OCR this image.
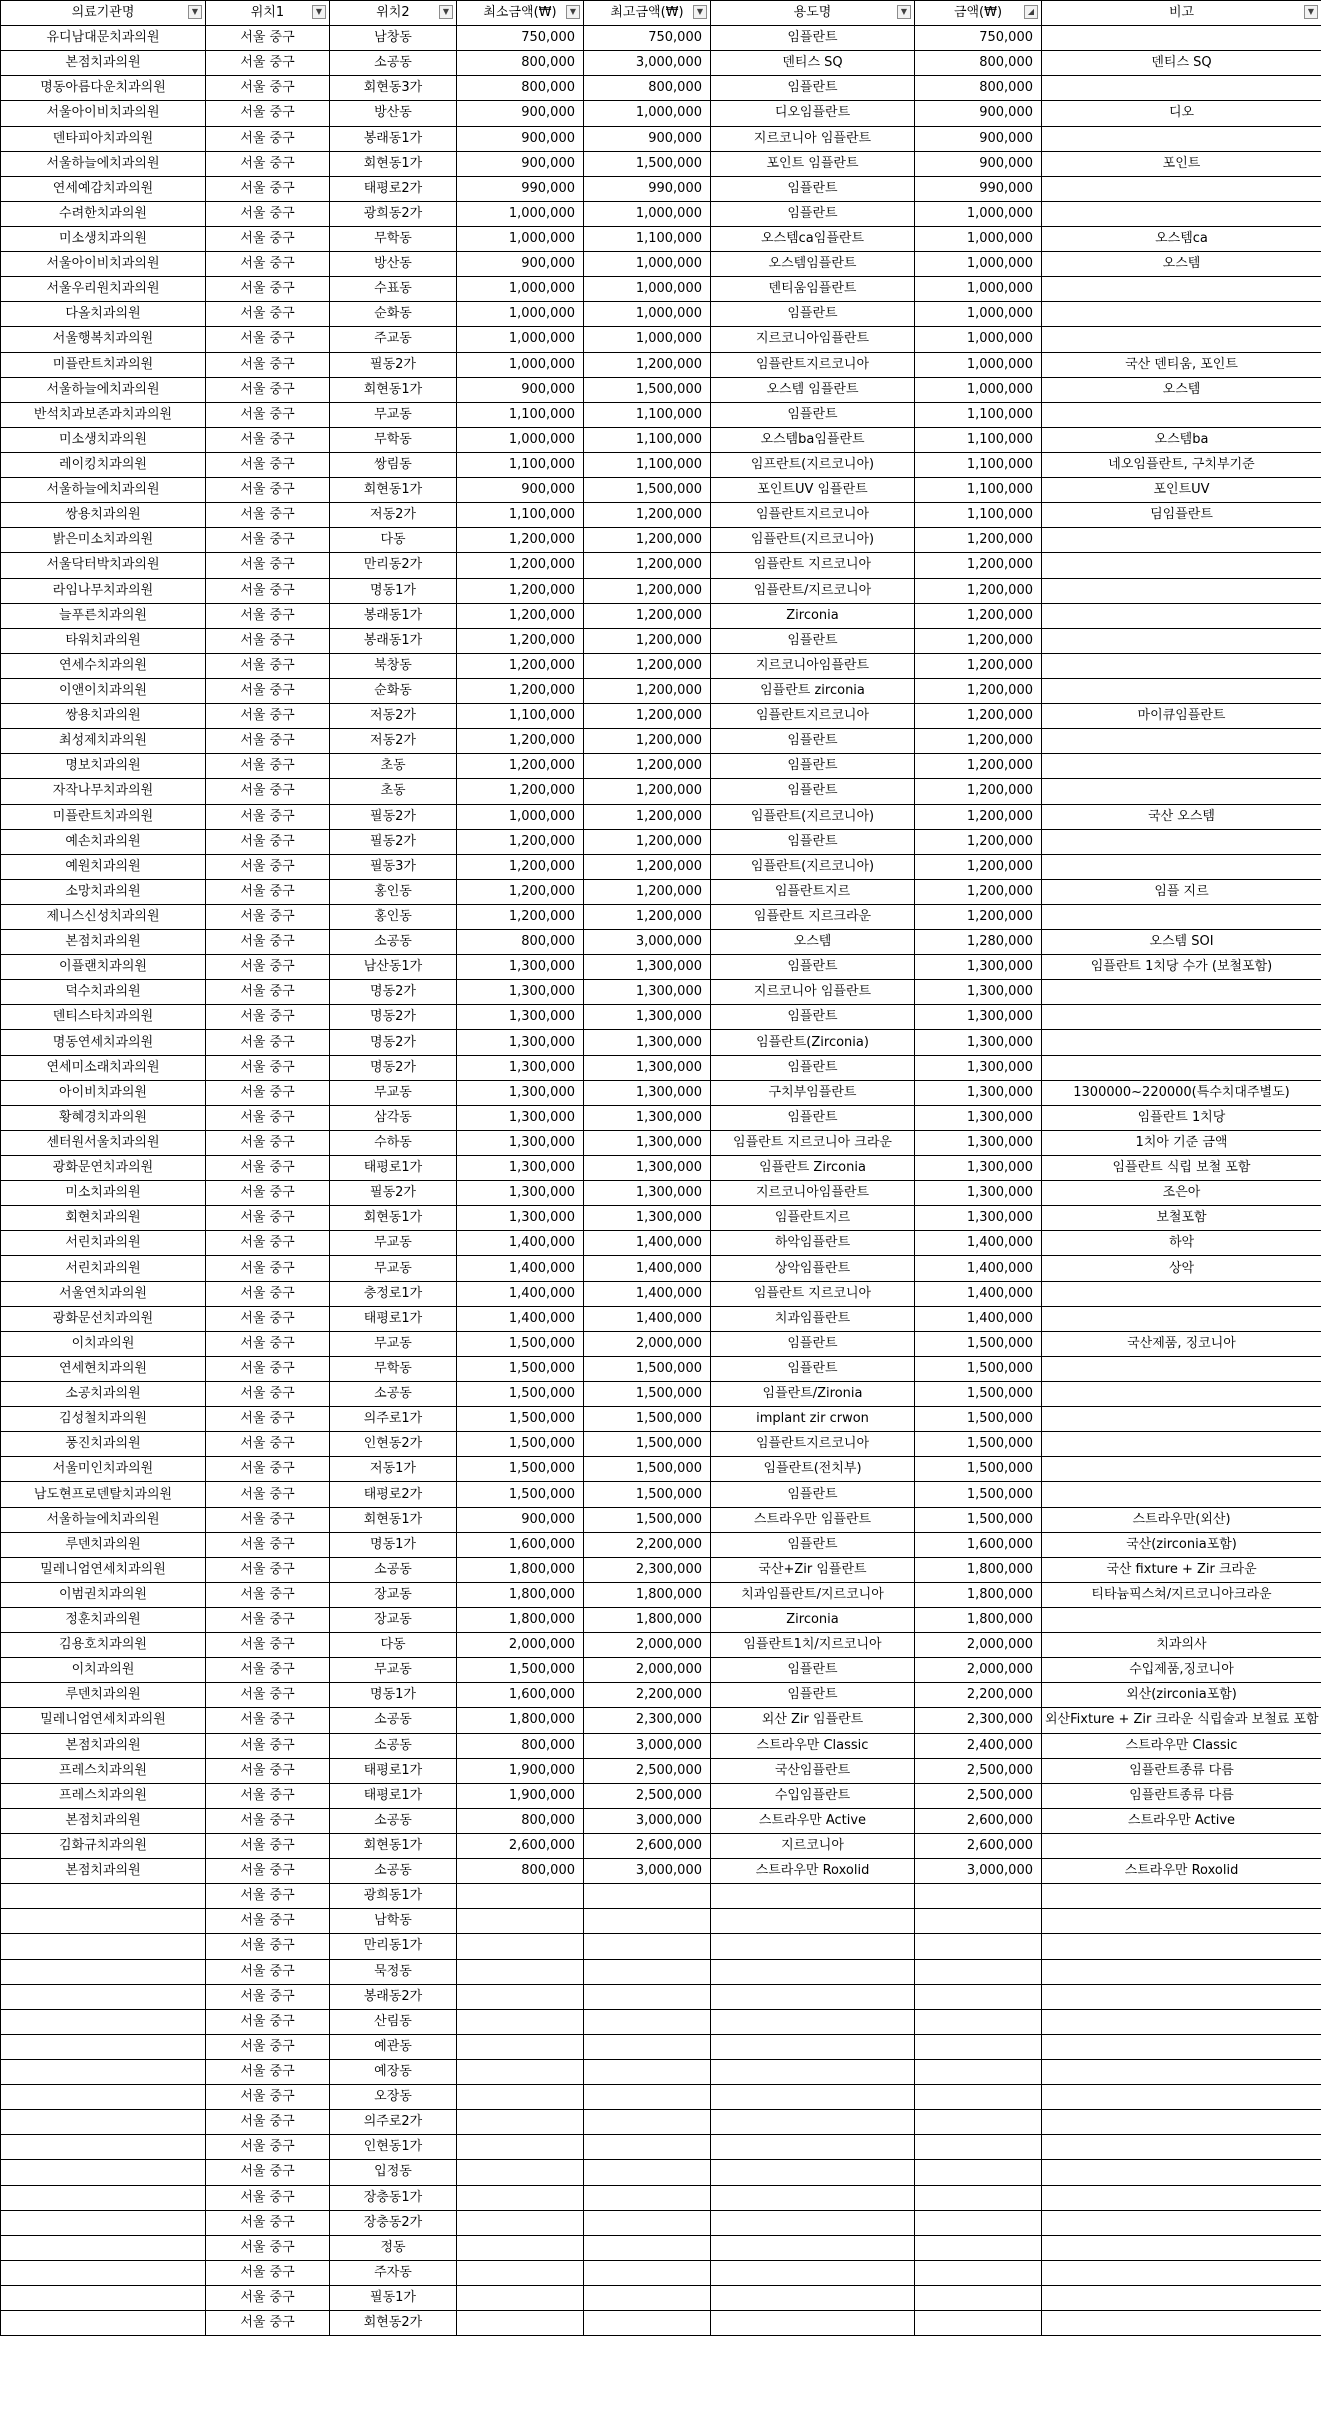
의료기관명 ▼	위치1 ▼	위치2 ▼	최소금액(₩) ▼	최고금액(₩) ▼	용도명 ▼	금액(₩) ◢	비고 ▼

유디남대문치과의원	서울 중구	남창동	750,000	750,000	임플란트	750,000	
본점치과의원	서울 중구	소공동	800,000	3,000,000	덴티스 SQ	800,000	덴티스 SQ
명동아름다운치과의원	서울 중구	회현동3가	800,000	800,000	임플란트	800,000	
서울아이비치과의원	서울 중구	방산동	900,000	1,000,000	디오임플란트	900,000	디오
덴타피아치과의원	서울 중구	봉래동1가	900,000	900,000	지르코니아 임플란트	900,000	
서울하늘에치과의원	서울 중구	회현동1가	900,000	1,500,000	포인트 임플란트	900,000	포인트
연세예감치과의원	서울 중구	태평로2가	990,000	990,000	임플란트	990,000	
수려한치과의원	서울 중구	광희동2가	1,000,000	1,000,000	임플란트	1,000,000	
미소생치과의원	서울 중구	무학동	1,000,000	1,100,000	오스템ca임플란트	1,000,000	오스템ca
서울아이비치과의원	서울 중구	방산동	900,000	1,000,000	오스템임플란트	1,000,000	오스템
서울우리원치과의원	서울 중구	수표동	1,000,000	1,000,000	덴티움임플란트	1,000,000	
다올치과의원	서울 중구	순화동	1,000,000	1,000,000	임플란트	1,000,000	
서울행복치과의원	서울 중구	주교동	1,000,000	1,000,000	지르코니아임플란트	1,000,000	
미플란트치과의원	서울 중구	필동2가	1,000,000	1,200,000	임플란트지르코니아	1,000,000	국산 덴티움, 포인트
서울하늘에치과의원	서울 중구	회현동1가	900,000	1,500,000	오스템 임플란트	1,000,000	오스템
반석치과보존과치과의원	서울 중구	무교동	1,100,000	1,100,000	임플란트	1,100,000	
미소생치과의원	서울 중구	무학동	1,000,000	1,100,000	오스템ba임플란트	1,100,000	오스템ba
레이킹치과의원	서울 중구	쌍림동	1,100,000	1,100,000	임프란트(지르코니아)	1,100,000	네오임플란트, 구치부기준
서울하늘에치과의원	서울 중구	회현동1가	900,000	1,500,000	포인트UV 임플란트	1,100,000	포인트UV
쌍용치과의원	서울 중구	저동2가	1,100,000	1,200,000	임플란트지르코니아	1,100,000	딤임플란트
밝은미소치과의원	서울 중구	다동	1,200,000	1,200,000	임플란트(지르코니아)	1,200,000	
서울닥터박치과의원	서울 중구	만리동2가	1,200,000	1,200,000	임플란트 지르코니아	1,200,000	
라임나무치과의원	서울 중구	명동1가	1,200,000	1,200,000	임플란트/지르코니아	1,200,000	
늘푸른치과의원	서울 중구	봉래동1가	1,200,000	1,200,000	Zirconia	1,200,000	
타워치과의원	서울 중구	봉래동1가	1,200,000	1,200,000	임플란트	1,200,000	
연세수치과의원	서울 중구	북창동	1,200,000	1,200,000	지르코니아임플란트	1,200,000	
이앤이치과의원	서울 중구	순화동	1,200,000	1,200,000	임플란트 zirconia	1,200,000	
쌍용치과의원	서울 중구	저동2가	1,100,000	1,200,000	임플란트지르코니아	1,200,000	마이큐임플란트
최성제치과의원	서울 중구	저동2가	1,200,000	1,200,000	임플란트	1,200,000	
명보치과의원	서울 중구	초동	1,200,000	1,200,000	임플란트	1,200,000	
자작나무치과의원	서울 중구	초동	1,200,000	1,200,000	임플란트	1,200,000	
미플란트치과의원	서울 중구	필동2가	1,000,000	1,200,000	임플란트(지르코니아)	1,200,000	국산 오스템
예손치과의원	서울 중구	필동2가	1,200,000	1,200,000	임플란트	1,200,000	
예원치과의원	서울 중구	필동3가	1,200,000	1,200,000	임플란트(지르코니아)	1,200,000	
소망치과의원	서울 중구	홍인동	1,200,000	1,200,000	임플란트지르	1,200,000	임플 지르
제니스신성치과의원	서울 중구	홍인동	1,200,000	1,200,000	임플란트 지르크라운	1,200,000	
본점치과의원	서울 중구	소공동	800,000	3,000,000	오스템	1,280,000	오스템 SOI
이플랜치과의원	서울 중구	남산동1가	1,300,000	1,300,000	임플란트	1,300,000	임플란트 1치당 수가 (보철포함)
덕수치과의원	서울 중구	명동2가	1,300,000	1,300,000	지르코니아 임플란트	1,300,000	
덴티스타치과의원	서울 중구	명동2가	1,300,000	1,300,000	임플란트	1,300,000	
명동연세치과의원	서울 중구	명동2가	1,300,000	1,300,000	임플란트(Zirconia)	1,300,000	
연세미소래치과의원	서울 중구	명동2가	1,300,000	1,300,000	임플란트	1,300,000	
아이비치과의원	서울 중구	무교동	1,300,000	1,300,000	구치부임플란트	1,300,000	1300000~220000(특수치대주별도)
황혜경치과의원	서울 중구	삼각동	1,300,000	1,300,000	임플란트	1,300,000	임플란트 1치당
센터원서울치과의원	서울 중구	수하동	1,300,000	1,300,000	임플란트 지르코니아 크라운	1,300,000	1치아 기준 금액
광화문연치과의원	서울 중구	태평로1가	1,300,000	1,300,000	임플란트 Zirconia	1,300,000	임플란트 식립 보철 포함
미소치과의원	서울 중구	필동2가	1,300,000	1,300,000	지르코니아임플란트	1,300,000	조은아
회현치과의원	서울 중구	회현동1가	1,300,000	1,300,000	임플란트지르	1,300,000	보철포함
서린치과의원	서울 중구	무교동	1,400,000	1,400,000	하악임플란트	1,400,000	하악
서린치과의원	서울 중구	무교동	1,400,000	1,400,000	상악임플란트	1,400,000	상악
서울연치과의원	서울 중구	충정로1가	1,400,000	1,400,000	임플란트 지르코니아	1,400,000	
광화문선치과의원	서울 중구	태평로1가	1,400,000	1,400,000	치과임플란트	1,400,000	
이치과의원	서울 중구	무교동	1,500,000	2,000,000	임플란트	1,500,000	국산제품, 징코니아
연세현치과의원	서울 중구	무학동	1,500,000	1,500,000	임플란트	1,500,000	
소공치과의원	서울 중구	소공동	1,500,000	1,500,000	임플란트/Zironia	1,500,000	
김성철치과의원	서울 중구	의주로1가	1,500,000	1,500,000	implant zir crwon	1,500,000	
풍진치과의원	서울 중구	인현동2가	1,500,000	1,500,000	임플란트지르코니아	1,500,000	
서울미인치과의원	서울 중구	저동1가	1,500,000	1,500,000	임플란트(전치부)	1,500,000	
남도현프로덴탈치과의원	서울 중구	태평로2가	1,500,000	1,500,000	임플란트	1,500,000	
서울하늘에치과의원	서울 중구	회현동1가	900,000	1,500,000	스트라우만 임플란트	1,500,000	스트라우만(외산)
루덴치과의원	서울 중구	명동1가	1,600,000	2,200,000	임플란트	1,600,000	국산(zirconia포함)
밀레니엄연세치과의원	서울 중구	소공동	1,800,000	2,300,000	국산+Zir 임플란트	1,800,000	국산 fixture + Zir 크라운
이범권치과의원	서울 중구	장교동	1,800,000	1,800,000	치과임플란트/지르코니아	1,800,000	티타늄픽스쳐/지르코니아크라운
정훈치과의원	서울 중구	장교동	1,800,000	1,800,000	Zirconia	1,800,000	
김용호치과의원	서울 중구	다동	2,000,000	2,000,000	임플란트1치/지르코니아	2,000,000	치과의사
이치과의원	서울 중구	무교동	1,500,000	2,000,000	임플란트	2,000,000	수입제품,징코니아
루덴치과의원	서울 중구	명동1가	1,600,000	2,200,000	임플란트	2,200,000	외산(zirconia포함)
밀레니엄연세치과의원	서울 중구	소공동	1,800,000	2,300,000	외산 Zir 임플란트	2,300,000	외산Fixture + Zir 크라운 식립술과 보철료 포함
본점치과의원	서울 중구	소공동	800,000	3,000,000	스트라우만 Classic	2,400,000	스트라우만 Classic
프레스치과의원	서울 중구	태평로1가	1,900,000	2,500,000	국산임플란트	2,500,000	임플란트종류 다름
프레스치과의원	서울 중구	태평로1가	1,900,000	2,500,000	수입임플란트	2,500,000	임플란트종류 다름
본점치과의원	서울 중구	소공동	800,000	3,000,000	스트라우만 Active	2,600,000	스트라우만 Active
김화규치과의원	서울 중구	회현동1가	2,600,000	2,600,000	지르코니아	2,600,000	
본점치과의원	서울 중구	소공동	800,000	3,000,000	스트라우만 Roxolid	3,000,000	스트라우만 Roxolid
	서울 중구	광희동1가					
	서울 중구	남학동					
	서울 중구	만리동1가					
	서울 중구	묵정동					
	서울 중구	봉래동2가					
	서울 중구	산림동					
	서울 중구	예관동					
	서울 중구	예장동					
	서울 중구	오장동					
	서울 중구	의주로2가					
	서울 중구	인현동1가					
	서울 중구	입정동					
	서울 중구	장충동1가					
	서울 중구	장충동2가					
	서울 중구	정동					
	서울 중구	주자동					
	서울 중구	필동1가					
	서울 중구	회현동2가					
